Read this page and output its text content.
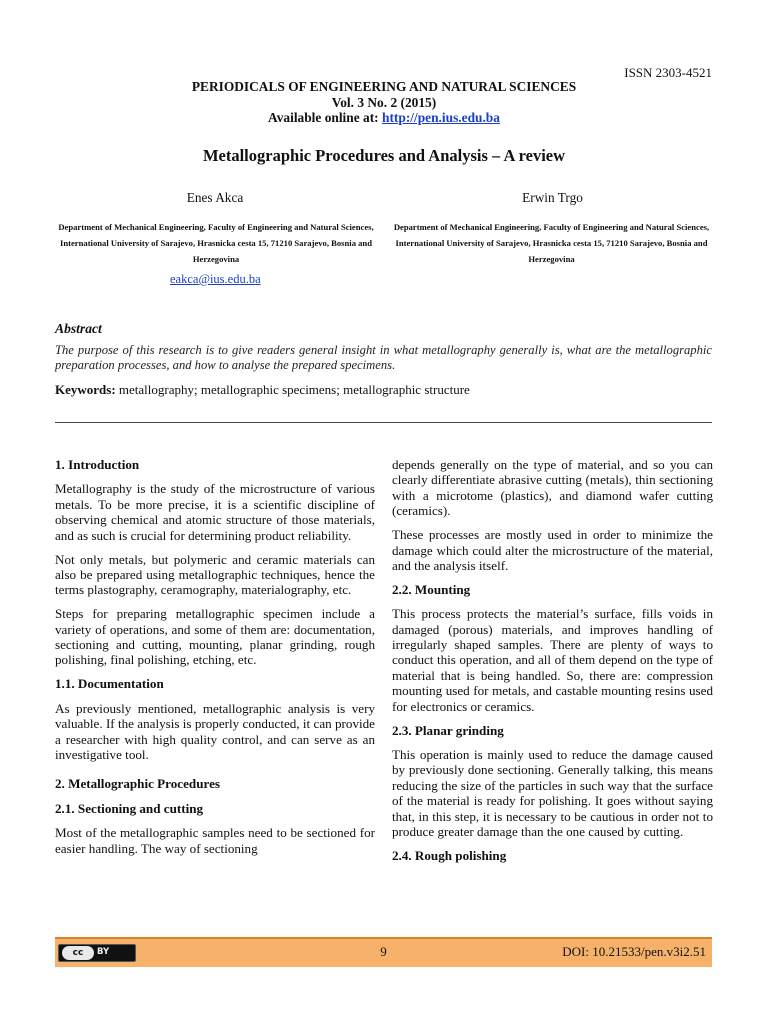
ISSN 2303-4521
PERIODICALS OF ENGINEERING AND NATURAL SCIENCES
Vol. 3 No. 2 (2015)
Available online at: http://pen.ius.edu.ba
Metallographic Procedures and Analysis – A review
Enes Akca	Erwin Trgo
Department of Mechanical Engineering, Faculty of Engineering and Natural Sciences, International University of Sarajevo, Hrasnicka cesta 15, 71210 Sarajevo, Bosnia and Herzegovina
Department of Mechanical Engineering, Faculty of Engineering and Natural Sciences, International University of Sarajevo, Hrasnicka cesta 15, 71210 Sarajevo, Bosnia and Herzegovina
eakca@ius.edu.ba
Abstract
The purpose of this research is to give readers general insight in what metallography generally is, what are the metallographic preparation processes, and how to analyse the prepared specimens.
Keywords: metallography; metallographic specimens; metallographic structure
1. Introduction

Metallography is the study of the microstructure of various metals. To be more precise, it is a scientific discipline of observing chemical and atomic structure of those materials, and as such is crucial for determining product reliability.

Not only metals, but polymeric and ceramic materials can also be prepared using metallographic techniques, hence the terms plastography, ceramography, materialography, etc.

Steps for preparing metallographic specimen include a variety of operations, and some of them are: documentation, sectioning and cutting, mounting, planar grinding, rough polishing, final polishing, etching, etc.

1.1. Documentation

As previously mentioned, metallographic analysis is very valuable. If the analysis is properly conducted, it can provide a researcher with high quality control, and can serve as an investigative tool.

2. Metallographic Procedures
2.1. Sectioning and cutting

Most of the metallographic samples need to be sectioned for easier handling. The way of sectioning

depends generally on the type of material, and so you can clearly differentiate abrasive cutting (metals), thin sectioning with a microtome (plastics), and diamond wafer cutting (ceramics).

These processes are mostly used in order to minimize the damage which could alter the microstructure of the material, and the analysis itself.

2.2. Mounting

This process protects the material’s surface, fills voids in damaged (porous) materials, and improves handling of irregularly shaped samples. There are plenty of ways to conduct this operation, and all of them depend on the type of material that is being handled. So, there are: compression mounting used for metals, and castable mounting resins used for electronics or ceramics.

2.3. Planar grinding

This operation is mainly used to reduce the damage caused by previously done sectioning. Generally talking, this means reducing the size of the particles in such way that the surface of the material is ready for polishing. It goes without saying that, in this step, it is necessary to be cautious in order not to produce greater damage than the one caused by cutting.

2.4. Rough polishing
cc	BY	9	DOI: 10.21533/pen.v3i2.51
